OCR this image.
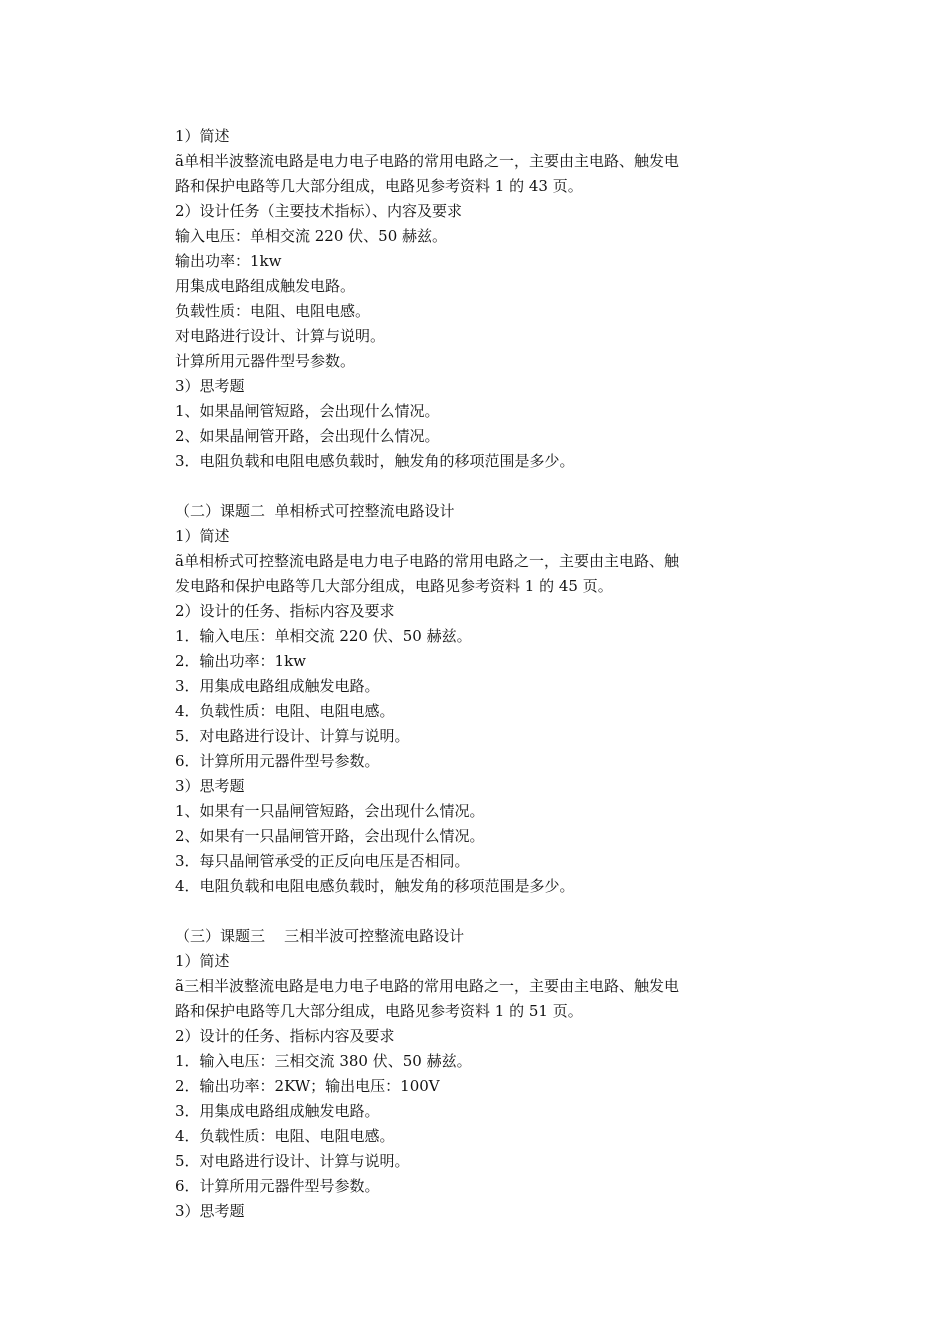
1）简述
ã单相半波整流电路是电力电子电路的常用电路之一，主要由主电路、触发电
路和保护电路等几大部分组成，电路见参考资料 1 的 43 页。
2）设计任务（主要技术指标）、内容及要求
输入电压：单相交流 220 伏、50 赫兹。
输出功率：1kw
用集成电路组成触发电路。
负载性质：电阻、电阻电感。
对电路进行设计、计算与说明。
计算所用元器件型号参数。
3）思考题
1、如果晶闸管短路，会出现什么情况。
2、如果晶闸管开路，会出现什么情况。
3．电阻负载和电阻电感负载时，触发角的移项范围是多少。
（二）课题二  单相桥式可控整流电路设计
1）简述
ã单相桥式可控整流电路是电力电子电路的常用电路之一，主要由主电路、触
发电路和保护电路等几大部分组成，电路见参考资料 1 的 45 页。
2）设计的任务、指标内容及要求
1．输入电压：单相交流 220 伏、50 赫兹。
2．输出功率：1kw
3．用集成电路组成触发电路。
4．负载性质：电阻、电阻电感。
5．对电路进行设计、计算与说明。
6．计算所用元器件型号参数。
3）思考题
1、如果有一只晶闸管短路，会出现什么情况。
2、如果有一只晶闸管开路，会出现什么情况。
3．每只晶闸管承受的正反向电压是否相同。
4．电阻负载和电阻电感负载时，触发角的移项范围是多少。
（三）课题三    三相半波可控整流电路设计
1）简述
ã三相半波整流电路是电力电子电路的常用电路之一，主要由主电路、触发电
路和保护电路等几大部分组成，电路见参考资料 1 的 51 页。
2）设计的任务、指标内容及要求
1．输入电压：三相交流 380 伏、50 赫兹。
2．输出功率：2KW；输出电压：100V
3．用集成电路组成触发电路。
4．负载性质：电阻、电阻电感。
5．对电路进行设计、计算与说明。
6．计算所用元器件型号参数。
3）思考题
